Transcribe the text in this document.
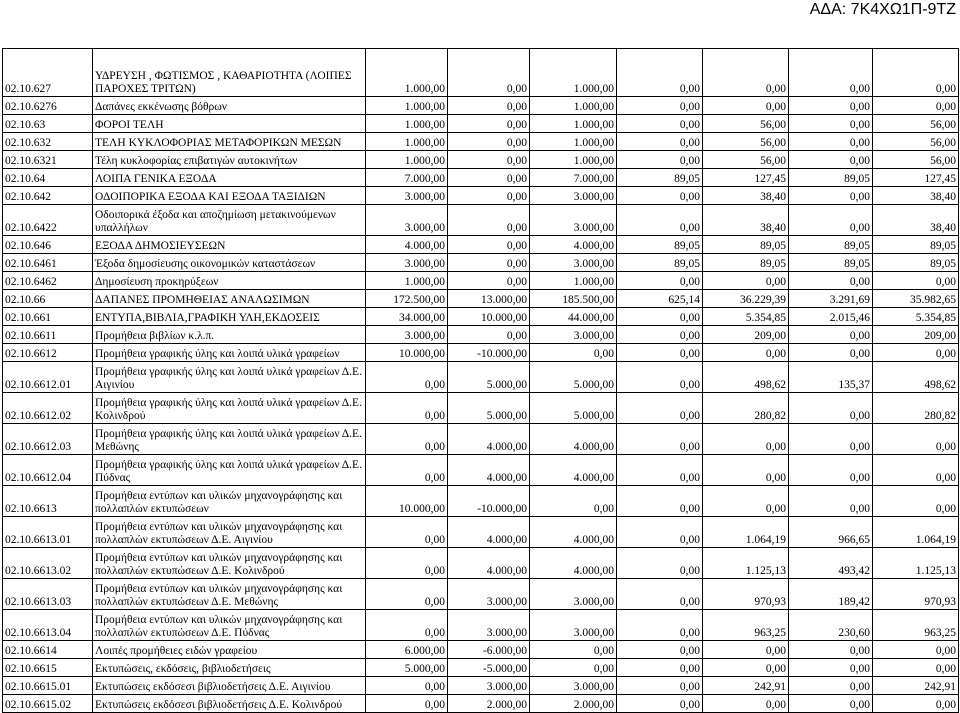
ΑΔΑ: 7Κ4ΧΩ1Π-9ΤΖ
02.10.627	ΥΔΡΕΥΣΗ , ΦΩΤΙΣΜΟΣ , ΚΑΘΑΡΙΟΤΗΤΑ (ΛΟΙΠΕΣ ΠΑΡΟΧΕΣ ΤΡΙΤΩΝ)	1.000,00	0,00	1.000,00	0,00	0,00	0,00	0,00
02.10.6276	Δαπάνες εκκένωσης βόθρων	1.000,00	0,00	1.000,00	0,00	0,00	0,00	0,00
02.10.63	ΦΟΡΟΙ ΤΕΛΗ	1.000,00	0,00	1.000,00	0,00	56,00	0,00	56,00
02.10.632	ΤΕΛΗ ΚΥΚΛΟΦΟΡΙΑΣ ΜΕΤΑΦΟΡΙΚΩΝ ΜΕΣΩΝ	1.000,00	0,00	1.000,00	0,00	56,00	0,00	56,00
02.10.6321	Τέλη κυκλοφορίας επιβατιγών αυτοκινήτων	1.000,00	0,00	1.000,00	0,00	56,00	0,00	56,00
02.10.64	ΛΟΙΠΑ ΓΕΝΙΚΑ ΕΞΟΔΑ	7.000,00	0,00	7.000,00	89,05	127,45	89,05	127,45
02.10.642	ΟΔΟΙΠΟΡΙΚΑ ΕΞΟΔΑ ΚΑΙ ΕΞΟΔΑ ΤΑΞΙΔΙΩΝ	3.000,00	0,00	3.000,00	0,00	38,40	0,00	38,40
02.10.6422	Οδοιπορικά έξοδα και αποζημίωση μετακινούμενων υπαλλήλων	3.000,00	0,00	3.000,00	0,00	38,40	0,00	38,40
02.10.646	ΕΞΟΔΑ ΔΗΜΟΣΙΕΥΣΕΩΝ	4.000,00	0,00	4.000,00	89,05	89,05	89,05	89,05
02.10.6461	Έξοδα δημοσίευσης οικονομικών καταστάσεων	3.000,00	0,00	3.000,00	89,05	89,05	89,05	89,05
02.10.6462	Δημοσίευση προκηρύξεων	1.000,00	0,00	1.000,00	0,00	0,00	0,00	0,00
02.10.66	ΔΑΠΑΝΕΣ ΠΡΟΜΗΘΕΙΑΣ ΑΝΑΛΩΣΙΜΩΝ	172.500,00	13.000,00	185.500,00	625,14	36.229,39	3.291,69	35.982,65
02.10.661	ΕΝΤΥΠΑ,ΒΙΒΛΙΑ,ΓΡΑΦΙΚΗ ΥΛΗ,ΕΚΔΟΣΕΙΣ	34.000,00	10.000,00	44.000,00	0,00	5.354,85	2.015,46	5.354,85
02.10.6611	Προμήθεια βιβλίων κ.λ.π.	3.000,00	0,00	3.000,00	0,00	209,00	0,00	209,00
02.10.6612	Προμήθεια γραφικής ύλης και λοιπά υλικά γραφείων	10.000,00	-10.000,00	0,00	0,00	0,00	0,00	0,00
02.10.6612.01	Προμήθεια γραφικής ύλης και λοιπά υλικά γραφείων Δ.Ε. Αιγινίου	0,00	5.000,00	5.000,00	0,00	498,62	135,37	498,62
02.10.6612.02	Προμήθεια γραφικής ύλης και λοιπά υλικά γραφείων Δ.Ε. Κολινδρού	0,00	5.000,00	5.000,00	0,00	280,82	0,00	280,82
02.10.6612.03	Προμήθεια γραφικής ύλης και λοιπά υλικά γραφείων Δ.Ε. Μεθώνης	0,00	4.000,00	4.000,00	0,00	0,00	0,00	0,00
02.10.6612.04	Προμήθεια γραφικής ύλης και λοιπά υλικά γραφείων Δ.Ε. Πύδνας	0,00	4.000,00	4.000,00	0,00	0,00	0,00	0,00
02.10.6613	Προμήθεια εντύπων και υλικών μηχανογράφησης και πολλαπλών εκτυπώσεων	10.000,00	-10.000,00	0,00	0,00	0,00	0,00	0,00
02.10.6613.01	Προμήθεια εντύπων και υλικών μηχανογράφησης και πολλαπλών εκτυπώσεων Δ.Ε. Αιγινίου	0,00	4.000,00	4.000,00	0,00	1.064,19	966,65	1.064,19
02.10.6613.02	Προμήθεια εντύπων και υλικών μηχανογράφησης και πολλαπλών εκτυπώσεων Δ.Ε. Κολινδρού	0,00	4.000,00	4.000,00	0,00	1.125,13	493,42	1.125,13
02.10.6613.03	Προμήθεια εντύπων και υλικών μηχανογράφησης και πολλαπλών εκτυπώσεων Δ.Ε. Μεθώνης	0,00	3.000,00	3.000,00	0,00	970,93	189,42	970,93
02.10.6613.04	Προμήθεια εντύπων και υλικών μηχανογράφησης και πολλαπλών εκτυπώσεων Δ.Ε. Πύδνας	0,00	3.000,00	3.000,00	0,00	963,25	230,60	963,25
02.10.6614	Λοιπές προμήθειες ειδών γραφείου	6.000,00	-6.000,00	0,00	0,00	0,00	0,00	0,00
02.10.6615	Εκτυπώσεις, εκδόσεις, βιβλιοδετήσεις	5.000,00	-5.000,00	0,00	0,00	0,00	0,00	0,00
02.10.6615.01	Εκτυπώσεις εκδόσεσι βιβλιοδετήσεις Δ.Ε. Αιγινίου	0,00	3.000,00	3.000,00	0,00	242,91	0,00	242,91
02.10.6615.02	Εκτυπώσεις εκδόσεσι βιβλιοδετήσεις Δ.Ε. Κολινδρού	0,00	2.000,00	2.000,00	0,00	0,00	0,00	0,00
